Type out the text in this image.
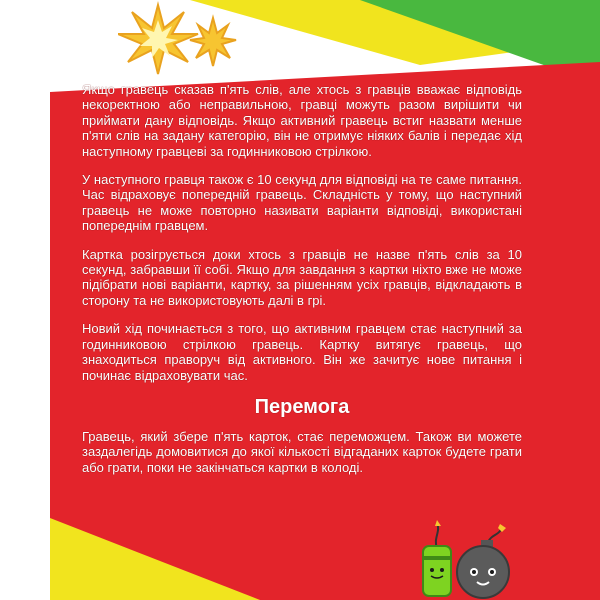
Якщо гравець сказав п'ять слів, але хтось з гравців вважає відповідь некоректною або неправильною, гравці можуть разом вирішити чи приймати дану відповідь. Якщо активний гравець встиг назвати менше п'яти слів на задану категорію, він не отримує ніяких балів і передає хід наступному гравцеві за годинниковою стрілкою.

У наступного гравця також є 10 секунд для відповіді на те саме питання. Час відраховує попередній гравець. Складність у тому, що наступний гравець не може повторно називати варіанти відповіді, використані попереднім гравцем.

Картка розігрується доки хтось з гравців не назве п'ять слів за 10 секунд, забравши її собі. Якщо для завдання з картки ніхто вже не може підібрати нові варіанти, картку, за рішенням усіх гравців, відкладають в сторону та не використовують далі в грі.

Новий хід починається з того, що активним гравцем стає наступний за годинниковою стрілкою гравець. Картку витягує гравець, що знаходиться праворуч від активного. Він же зачитує нове питання і починає відраховувати час.

Перемога

Гравець, який збере п'ять карток, стає переможцем. Також ви можете заздалегідь домовитися до якої кількості відгаданих карток будете грати або грати, поки не закінчаться картки в колоді.
